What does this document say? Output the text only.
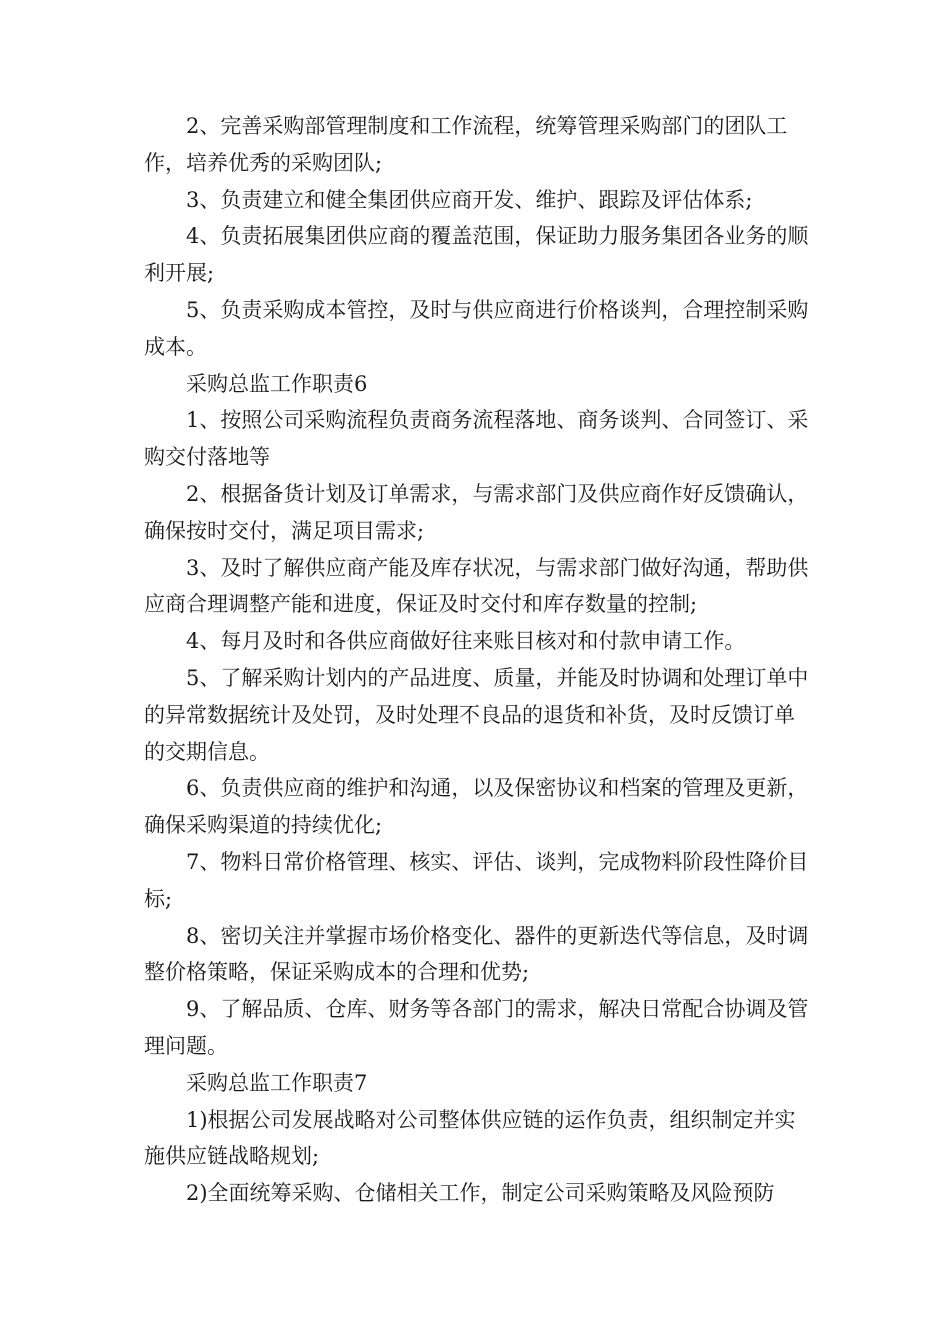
2、完善采购部管理制度和工作流程，统筹管理采购部门的团队工作，培养优秀的采购团队;

3、负责建立和健全集团供应商开发、维护、跟踪及评估体系;

4、负责拓展集团供应商的覆盖范围，保证助力服务集团各业务的顺利开展;

5、负责采购成本管控，及时与供应商进行价格谈判，合理控制采购成本。

采购总监工作职责6

1、按照公司采购流程负责商务流程落地、商务谈判、合同签订、采购交付落地等

2、根据备货计划及订单需求，与需求部门及供应商作好反馈确认，确保按时交付，满足项目需求;

3、及时了解供应商产能及库存状况，与需求部门做好沟通，帮助供应商合理调整产能和进度，保证及时交付和库存数量的控制;

4、每月及时和各供应商做好往来账目核对和付款申请工作。

5、了解采购计划内的产品进度、质量，并能及时协调和处理订单中的异常数据统计及处罚，及时处理不良品的退货和补货，及时反馈订单的交期信息。

6、负责供应商的维护和沟通，以及保密协议和档案的管理及更新，确保采购渠道的持续优化;

7、物料日常价格管理、核实、评估、谈判，完成物料阶段性降价目标;

8、密切关注并掌握市场价格变化、器件的更新迭代等信息，及时调整价格策略，保证采购成本的合理和优势;

9、了解品质、仓库、财务等各部门的需求，解决日常配合协调及管理问题。

采购总监工作职责7

1)根据公司发展战略对公司整体供应链的运作负责，组织制定并实施供应链战略规划;

2)全面统筹采购、仓储相关工作，制定公司采购策略及风险预防
